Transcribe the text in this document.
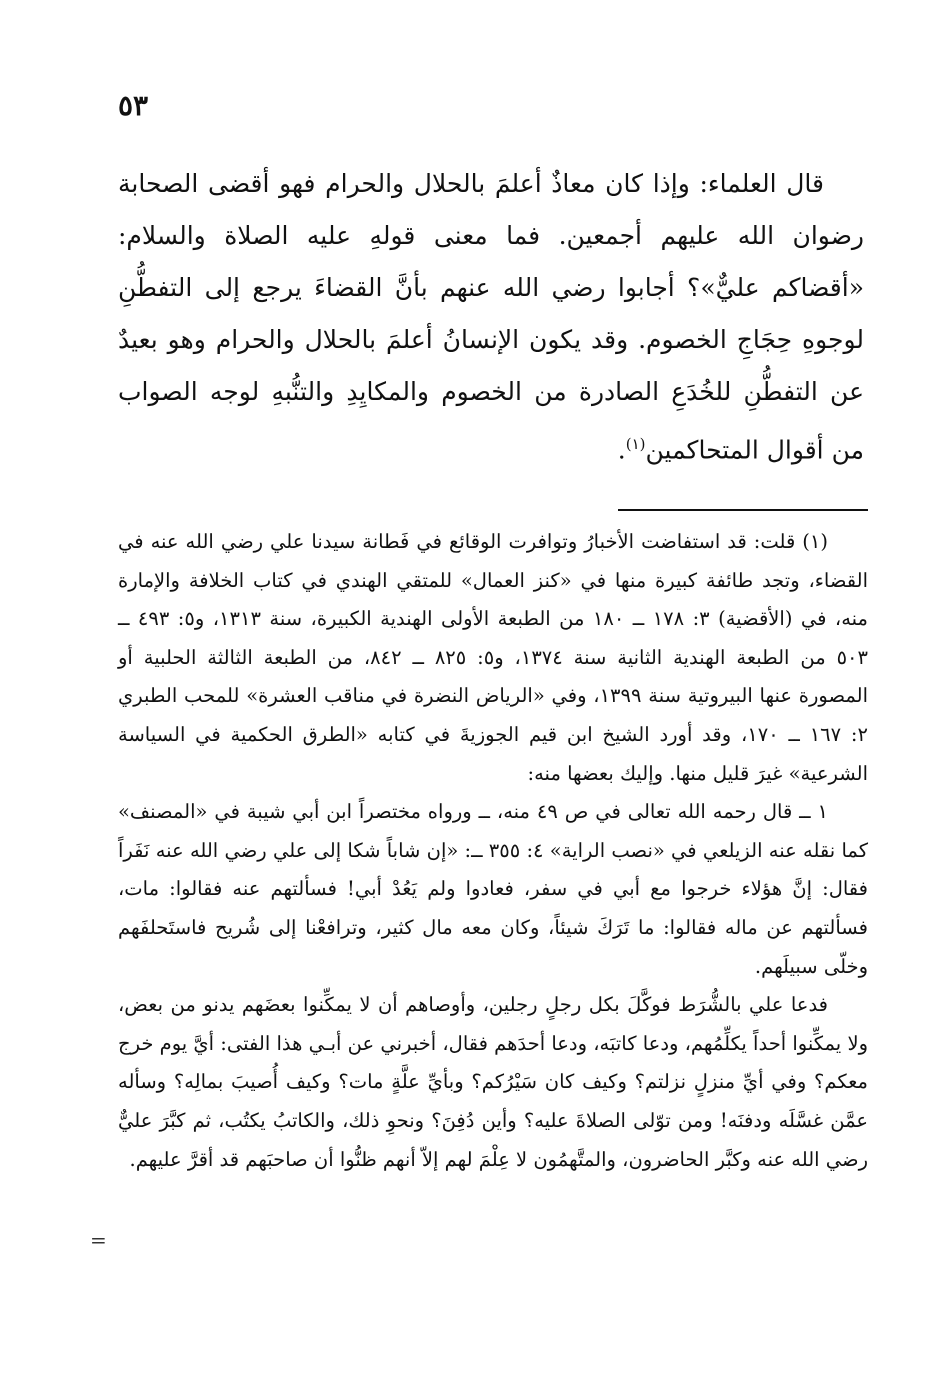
٥٣

قال العلماء: وإذا كان معاذٌ أعلمَ بالحلال والحرام فهو أقضى الصحابة رضوان الله عليهم أجمعين. فما معنى قولهِ عليه الصلاة والسلام: «أقضاكم عليٌّ»؟ أجابوا رضي الله عنهم بأنَّ القضاءَ يرجع إلى التفطُّنِ لوجوهِ حِجَاجِ الخصوم. وقد يكون الإنسانُ أعلمَ بالحلال والحرام وهو بعيدٌ عن التفطُّنِ للخُدَعِ الصادرة من الخصوم والمكايِدِ والتنُّبهِ لوجه الصواب من أقوال المتحاكمين$^{(١)}$.

(١) قلت: قد استفاضت الأخبارُ وتوافرت الوقائع في فَطانة سيدنا علي رضي الله عنه في القضاء، وتجد طائفة كبيرة منها في «كنز العمال» للمتقي الهندي في كتاب الخلافة والإمارة منه، في (الأقضية) ٣: ١٧٨ ــ ١٨٠ من الطبعة الأولى الهندية الكبيرة، سنة ١٣١٣، و٥: ٤٩٣ ــ ٥٠٣ من الطبعة الهندية الثانية سنة ١٣٧٤، و٥: ٨٢٥ ــ ٨٤٢، من الطبعة الثالثة الحلبية أو المصورة عنها البيروتية سنة ١٣٩٩، وفي «الرياض النضرة في مناقب العشرة» للمحب الطبري ٢: ١٦٧ ــ ١٧٠، وقد أورد الشيخ ابن قيم الجوزيةَ في كتابه «الطرق الحكمية في السياسة الشرعية» غيرَ قليل منها. وإليك بعضها منه:

١ ــ قال رحمه الله تعالى في ص ٤٩ منه، ــ ورواه مختصراً ابن أبي شيبة في «المصنف» كما نقله عنه الزيلعي في «نصب الراية» ٤: ٣٥٥ ــ: «إن شاباً شكا إلى علي رضي الله عنه نَفَراً فقال: إنَّ هؤلاء خرجوا مع أبي في سفر، فعادوا ولم يَعُدْ أبي! فسألتهم عنه فقالوا: مات، فسألتهم عن ماله فقالوا: ما تَرَكَ شيئاً، وكان معه مال كثير، وترافعْنا إلى شُريح فاستَحلفَهم وخلّى سبيلَهم.

فدعا علي بالشُّرَط فوكَّلَ بكل رجلٍ رجلين، وأوصاهم أن لا يمكِّنوا بعضَهم يدنو من بعض، ولا يمكِّنوا أحداً يكلِّمُهم، ودعا كاتبَه، ودعا أحدَهم فقال، أخبرني عن أبـي هذا الفتى: أيَّ يوم خرج معكم؟ وفي أيِّ منزلٍ نزلتم؟ وكيف كان سَيْرُكم؟ وبأيِّ علَّةٍ مات؟ وكيف أُصيبَ بمالِه؟ وسأله عمَّن غسَّلَه ودفنَه! ومن توّلى الصلاةَ عليه؟ وأين دُفِنَ؟ ونحوِ ذلك، والكاتبُ يكتُب، ثم كبَّرَ عليٌّ رضي الله عنه وكبَّر الحاضرون، والمتَّهمُون لا عِلْمَ لهم إلاّ أنهم ظنُّوا أن صاحبَهم قد أقرَّ عليهم.

=
